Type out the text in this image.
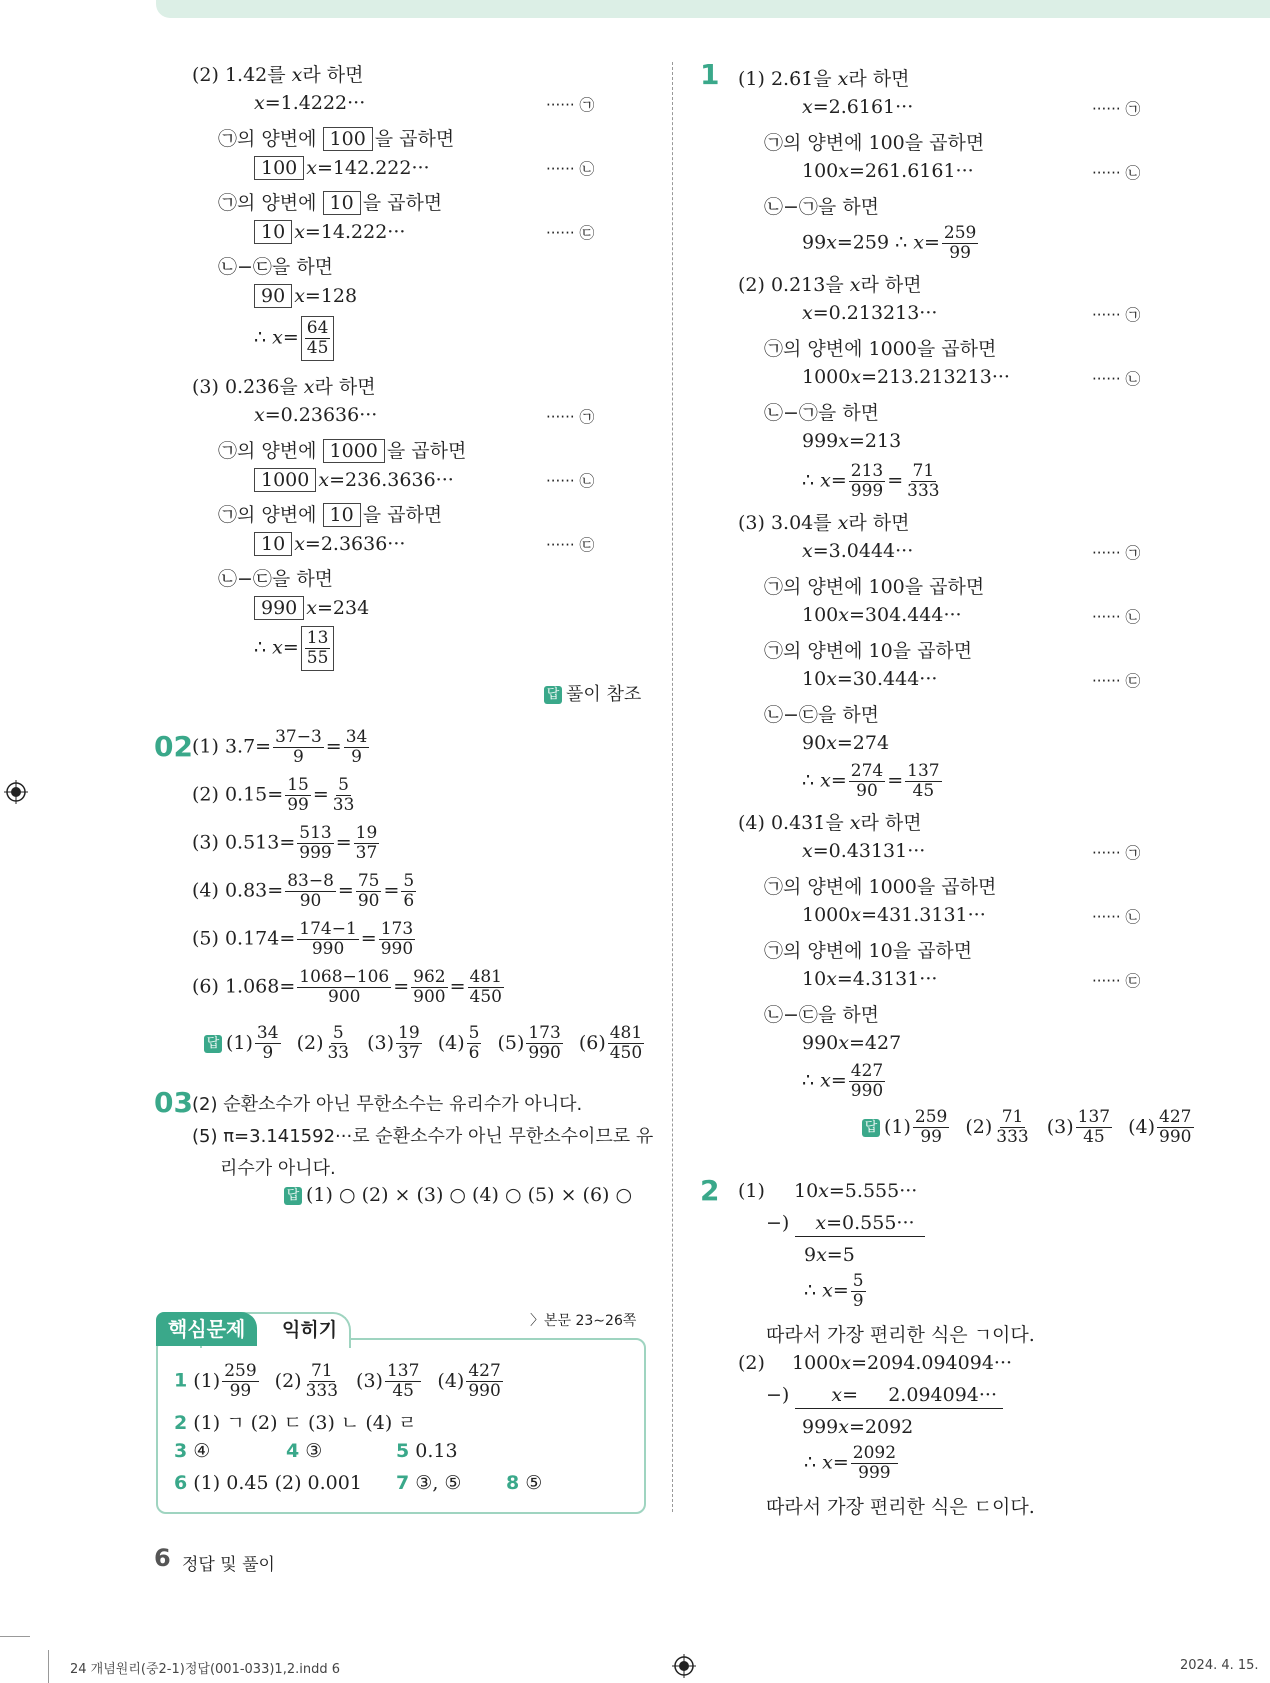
(2) 1.4̇2를 𝑥라 하면
𝑥=1.4222···	······ ㉠
㉠의 양변에 100 을 곱하면
100 𝑥=142.222···	······ ㉡
㉠의 양변에 10 을 곱하면
10 𝑥=14.222···	······ ㉢
㉡−㉢을 하면
90 𝑥=128
∴ 𝑥= $\frac{64}{45}$
(3) 0.2̇3̇6을 𝑥라 하면
𝑥=0.23636···	······ ㉠
㉠의 양변에 1000 을 곱하면
1000 𝑥=236.3636···	······ ㉡
㉠의 양변에 10 을 곱하면
10 𝑥=2.3636···	······ ㉢
㉡−㉢을 하면
990 𝑥=234
∴ 𝑥= $\frac{13}{55}$
답 풀이 참조
02 (1) $3.7= \frac{37-3}{9} = \frac{34}{9}$
(2) $0.15= \frac{15}{99} = \frac{5}{33}$
(3) $0.513= \frac{513}{999} = \frac{19}{37}$
(4) $0.83= \frac{83-8}{90} = \frac{75}{90} = \frac{5}{6}$
(5) $0.174= \frac{174-1}{990} = \frac{173}{990}$
(6) $1.068= \frac{1068-106}{900} = \frac{962}{900} = \frac{481}{450}$
답 $(1) \frac{34}{9} (2) \frac{5}{33} (3) \frac{19}{37} (4) \frac{5}{6} (5) \frac{173}{990} (6) \frac{481}{450}$
03 (2) 순환소수가 아닌 무한소수는 유리수가 아니다.
(5) π=3.141592···로 순환소수가 아닌 무한소수이므로 유
리수가 아니다.
답 (1) ○ (2) × (3) ○ (4) ○ (5) × (6) ○
익히기
핵심문제	〉본문 23∼26쪽
1 $(1) \frac{259}{99} (2) \frac{71}{333} (3) \frac{137}{45} (4) \frac{427}{990}$
2 (1) ㄱ (2) ㄷ (3) ㄴ (4) ㄹ
3 ④	4 ③	5 0.13
6 (1) 0.45 (2) 0.001 7 ③, ⑤ 8 ⑤
1 (1) 2.6̇1̇을 𝑥라 하면
𝑥=2.6161···	······ ㉠
㉠의 양변에 100을 곱하면
100𝑥=261.6161···	······ ㉡
㉡−㉠을 하면
99𝑥=259 ∴ 𝑥= $\frac{259}{99}$
(2) 0.2̇13̇을 𝑥라 하면
𝑥=0.213213···	······ ㉠
㉠의 양변에 1000을 곱하면
1000𝑥=213.213213···	······ ㉡
㉡−㉠을 하면
999𝑥=213
∴ 𝑥= $\frac{213}{999} = \frac{71}{333}$
(3) 3.04̇를 𝑥라 하면
𝑥=3.0444···	······ ㉠
㉠의 양변에 100을 곱하면
100𝑥=304.444···	······ ㉡
㉠의 양변에 10을 곱하면
10𝑥=30.444···	······ ㉢
㉡−㉢을 하면
90𝑥=274
∴ 𝑥= $\frac{274}{90} = \frac{137}{45}$
(4) 0.43̇1̇을 𝑥라 하면
𝑥=0.43131···	······ ㉠
㉠의 양변에 1000을 곱하면
1000𝑥=431.3131···	······ ㉡
㉠의 양변에 10을 곱하면
10𝑥=4.3131···	······ ㉢
㉡−㉢을 하면
990𝑥=427
∴ 𝑥= $\frac{427}{990}$
답 $(1) \frac{259}{99} (2) \frac{71}{333} (3) \frac{137}{45} (4) \frac{427}{990}$
2 (1) 10𝑥=5.555···
−) 𝑥=0.555···
9𝑥=5
∴ 𝑥= $\frac{5}{9}$
따라서 가장 편리한 식은 ㄱ이다.
(2) 1000𝑥=2094.094094···
−) 𝑥=     2.094094···
999𝑥=2092
∴ 𝑥= $\frac{2092}{999}$
따라서 가장 편리한 식은 ㄷ이다.
6 정답 및 풀이
24 개념원리(중2-1)정답(001-033)1,2.indd 6	2024. 4. 15.
